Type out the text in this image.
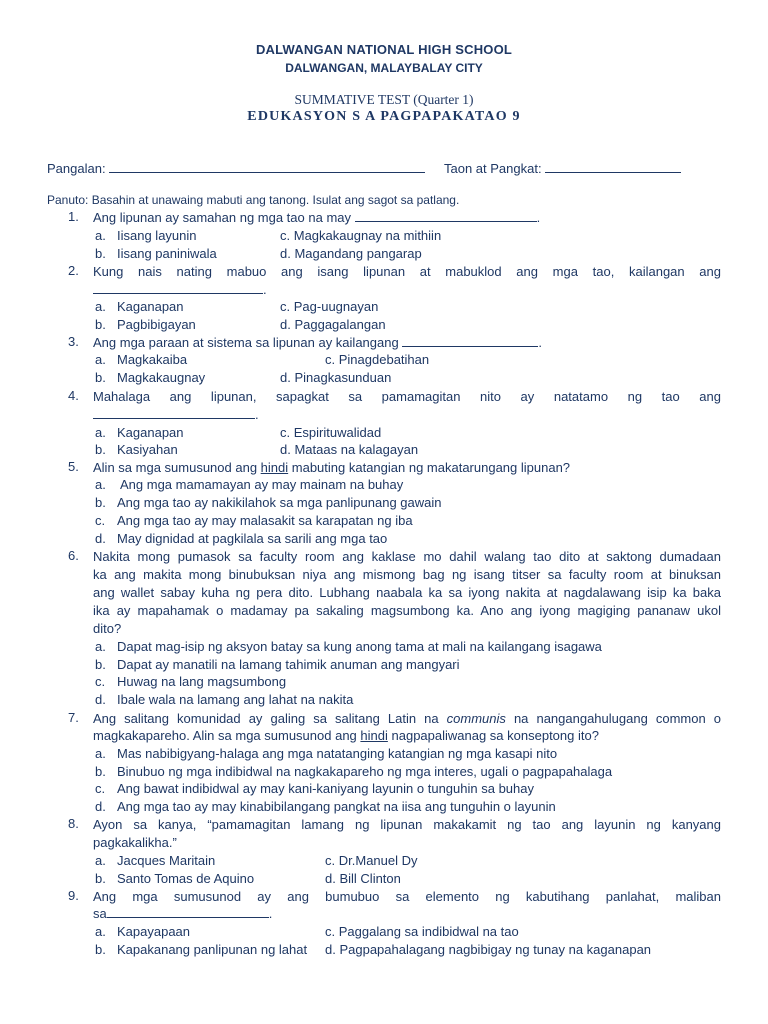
DALWANGAN NATIONAL HIGH SCHOOL
DALWANGAN, MALAYBALAY CITY
SUMMATIVE TEST (Quarter 1)
EDUKASYON S A PAGPAPAKATAO 9
Pangalan:	Taon at Pangkat:
Panuto: Basahin at unawaing mabuti ang tanong. Isulat ang sagot sa patlang.
1. Ang lipunan ay samahan ng mga tao na may	.
a. Iisang layunin	c. Magkakaugnay na mithiin
b. Iisang paniniwala	d. Magandang pangarap
2. Kung nais nating mabuo ang isang lipunan at mabuklod ang mga tao, kailangan ang
.
a. Kaganapan	c. Pag-uugnayan
b. Pagbibigayan	d. Paggagalangan
3. Ang mga paraan at sistema sa lipunan ay kailangang	.
a. Magkakaiba	c. Pinagdebatihan
b. Magkakaugnay	d. Pinagkasunduan
4. Mahalaga ang lipunan, sapagkat sa pamamagitan nito ay natatamo ng tao ang
.
a. Kaganapan	c. Espirituwalidad
b. Kasiyahan	d. Mataas na kalagayan
5. Alin sa mga sumusunod ang hindi mabuting katangian ng makatarungang lipunan?
a. Ang mga mamamayan ay may mainam na buhay
b. Ang mga tao ay nakikilahok sa mga panlipunang gawain
c. Ang mga tao ay may malasakit sa karapatan ng iba
d. May dignidad at pagkilala sa sarili ang mga tao
6. Nakita mong pumasok sa faculty room ang kaklase mo dahil walang tao dito at saktong dumadaan
ka ang makita mong binubuksan niya ang mismong bag ng isang titser sa faculty room at binuksan
ang wallet sabay kuha ng pera dito. Lubhang naabala ka sa iyong nakita at nagdalawang isip ka baka
ika ay mapahamak o madamay pa sakaling magsumbong ka. Ano ang iyong magiging pananaw ukol
dito?
a. Dapat mag-isip ng aksyon batay sa kung anong tama at mali na kailangang isagawa
b. Dapat ay manatili na lamang tahimik anuman ang mangyari
c. Huwag na lang magsumbong
d. Ibale wala na lamang ang lahat na nakita
7. Ang salitang komunidad ay galing sa salitang Latin na communis na nangangahulugang common o
magkakapareho. Alin sa mga sumusunod ang hindi nagpapaliwanag sa konseptong ito?
a. Mas nabibigyang-halaga ang mga natatanging katangian ng mga kasapi nito
b. Binubuo ng mga indibidwal na nagkakapareho ng mga interes, ugali o pagpapahalaga
c. Ang bawat indibidwal ay may kani-kaniyang layunin o tunguhin sa buhay
d. Ang mga tao ay may kinabibilangang pangkat na iisa ang tunguhin o layunin
8. Ayon sa kanya, “pamamagitan lamang ng lipunan makakamit ng tao ang layunin ng kanyang
pagkakalikha.”
a. Jacques Maritain	c. Dr.Manuel Dy
b. Santo Tomas de Aquino	d. Bill Clinton
9. Ang mga sumusunod ay ang bumubuo sa elemento ng kabutihang panlahat, maliban
sa	.
a. Kapayapaan	c. Paggalang sa indibidwal na tao
b. Kapakanang panlipunan ng lahat d. Pagpapahalagang nagbibigay ng tunay na kaganapan
